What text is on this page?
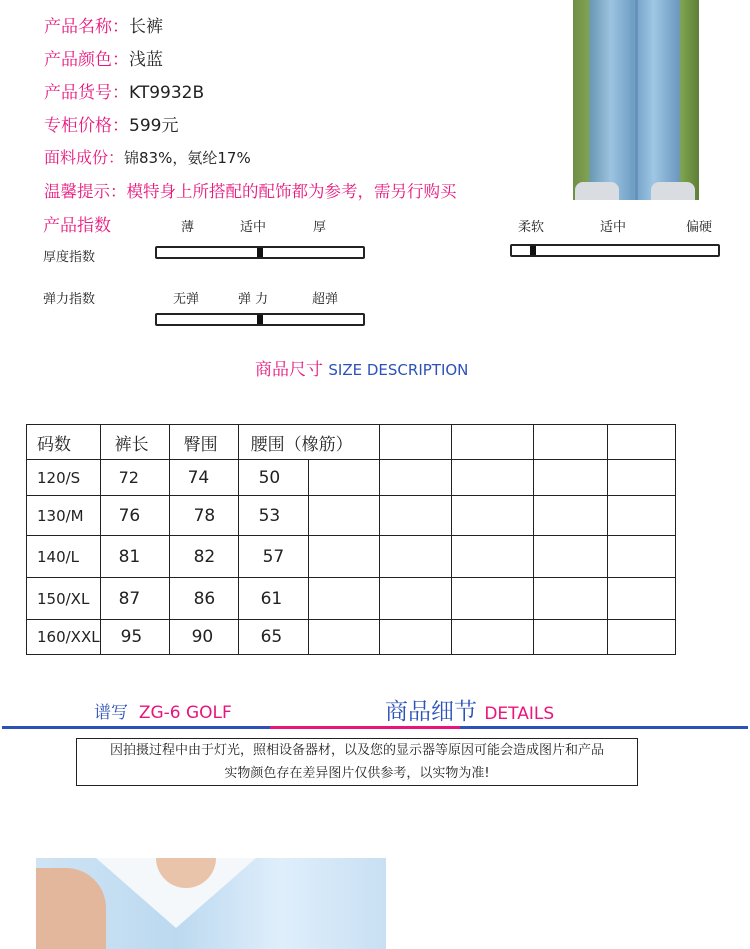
产品名称：长裤
产品颜色：浅蓝
产品货号：KT9932B
专柜价格：599元
面料成份：锦83%，氨纶17%
温馨提示：模特身上所搭配的配饰都为参考，需另行购买
产品指数	薄	适中	厚
厚度指数
无弹	弹 力	超弹
弹力指数
柔软	适中	偏硬
商品尺寸 SIZE DESCRIPTION
码数	裤长	臀围	腰围（橡筋）					
120/S	72	74	50					
130/M	76	78	53					
140/L	81	82	57					
150/XL	87	86	61					
160/XXL	95	90	65					
谱写 ZG-6 GOLF	商品细节 DETAILS
因拍摄过程中由于灯光，照相设备器材，以及您的显示器等原因可能会造成图片和产品
实物颜色存在差异图片仅供参考，以实物为准!
